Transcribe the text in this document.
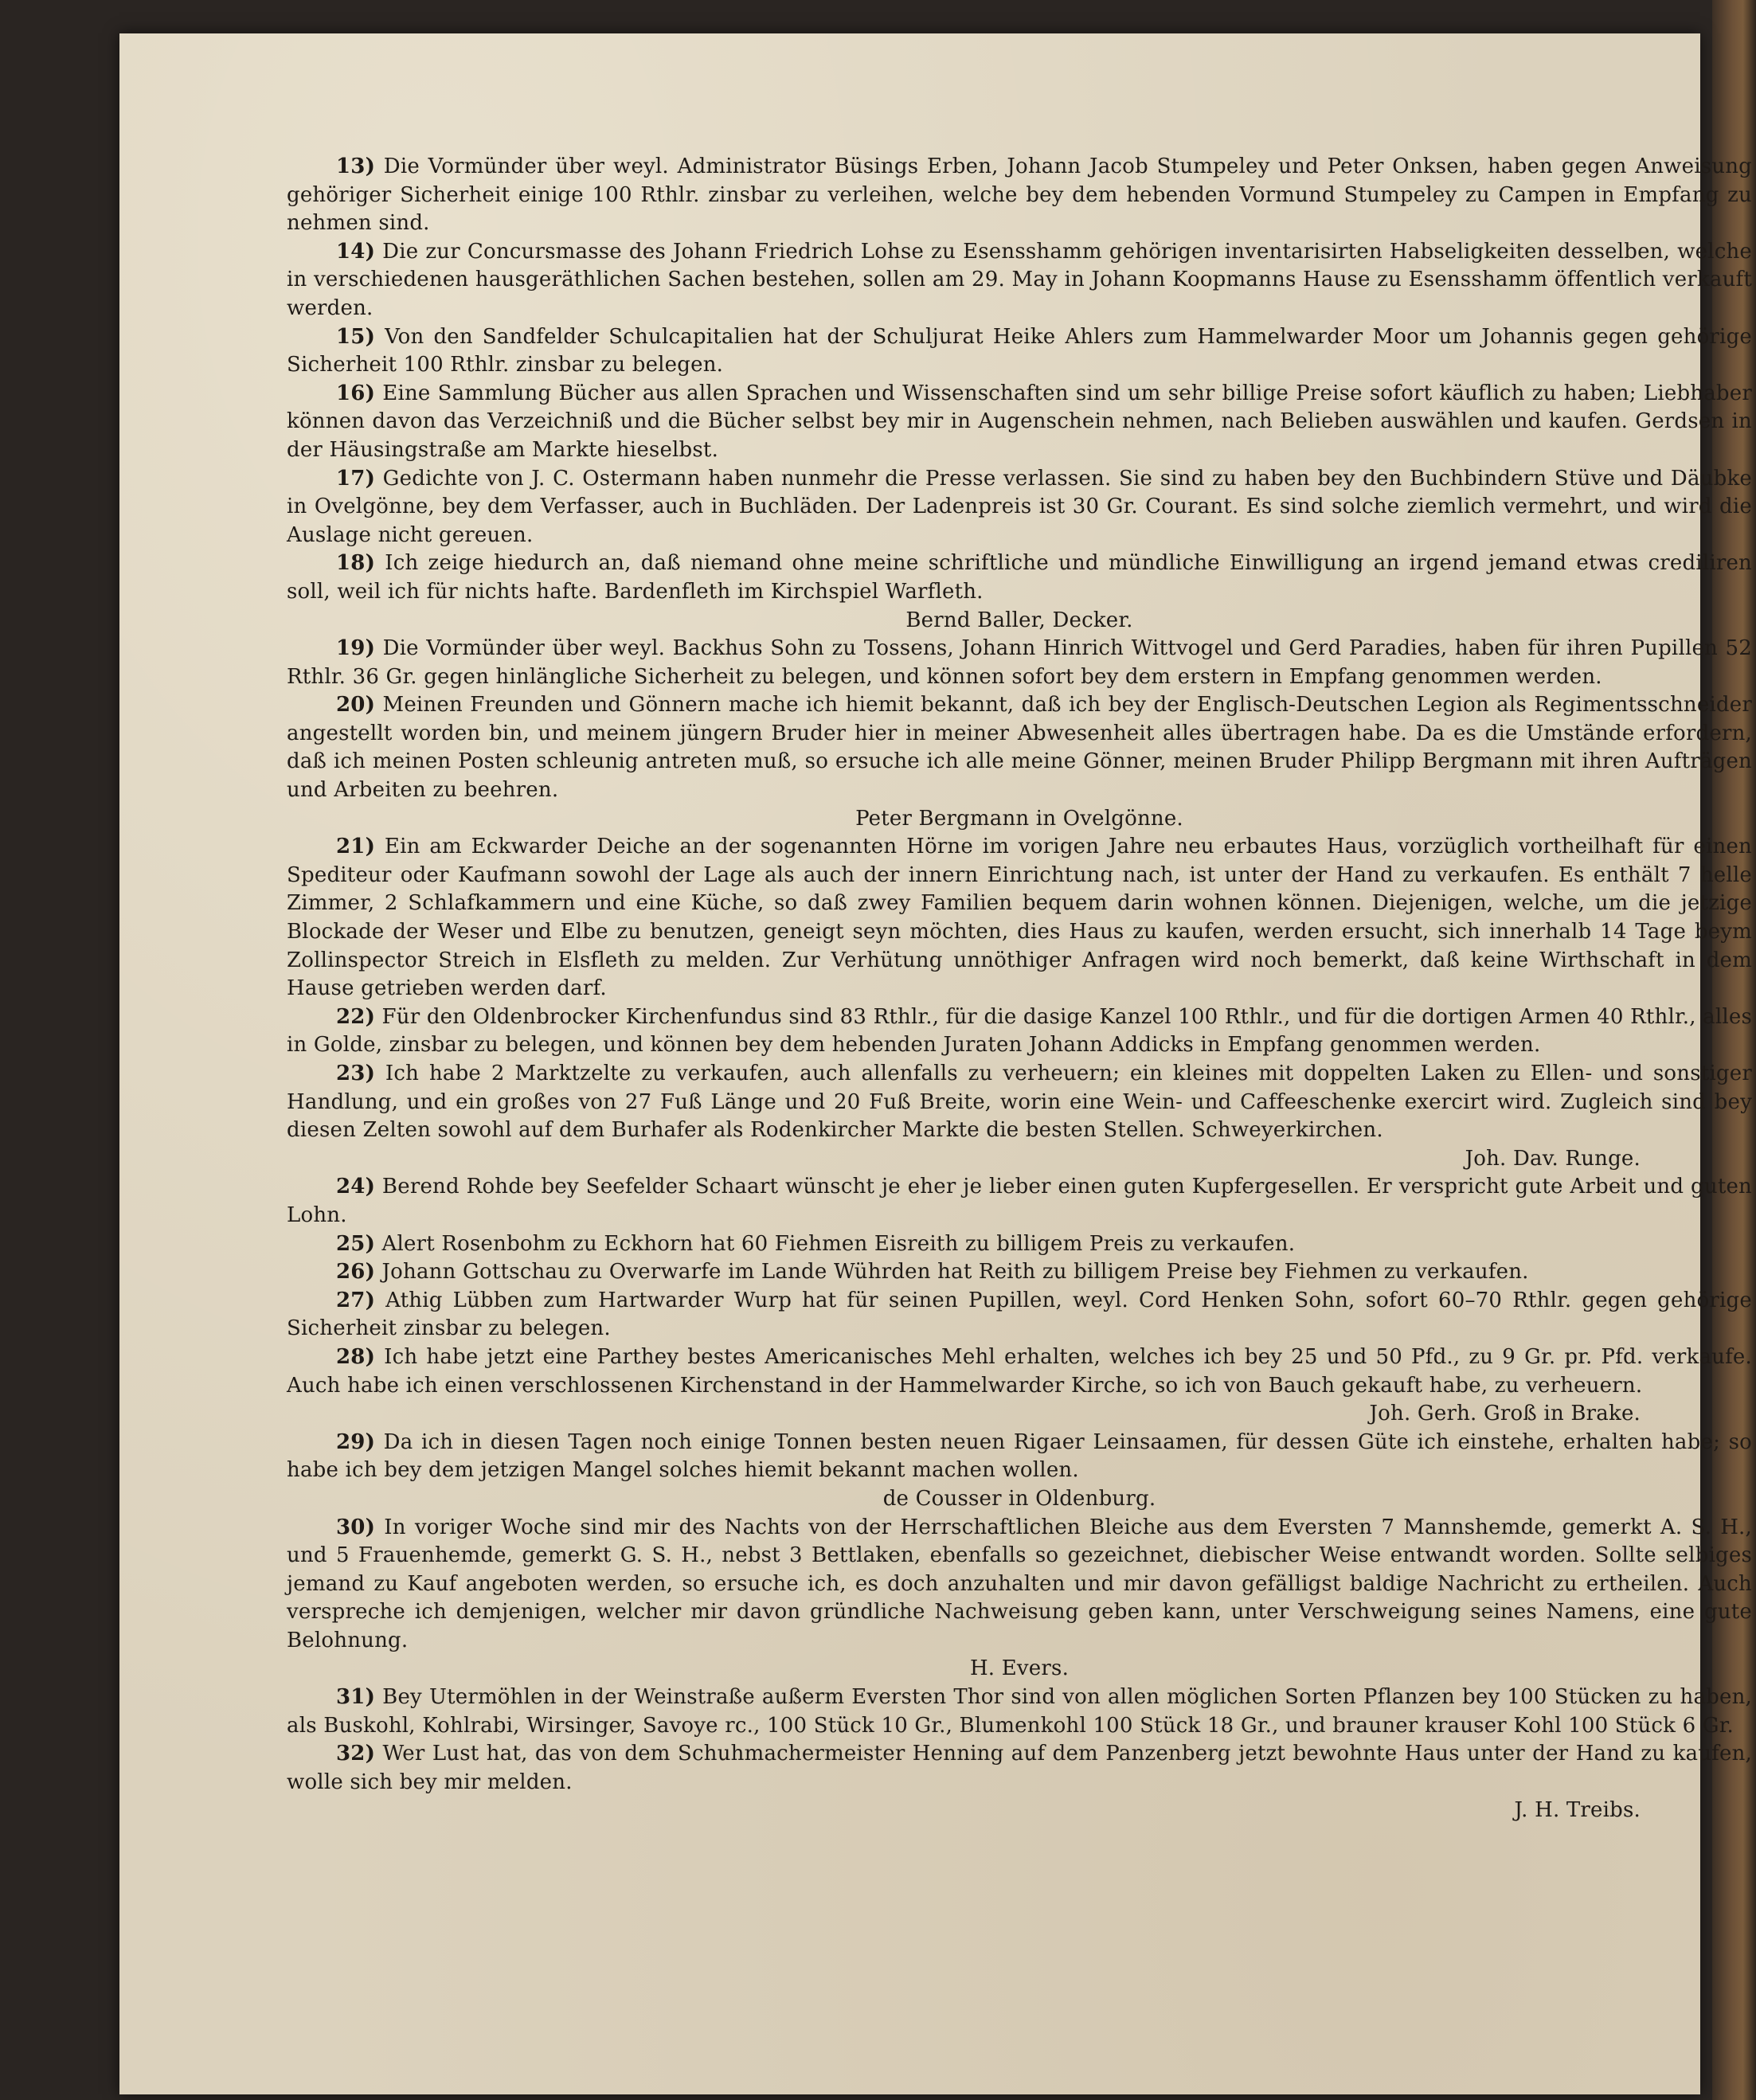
13) Die Vormünder über weyl. Administrator Büsings Erben, Johann Jacob Stumpeley und Peter Onksen, haben gegen Anweisung gehöriger Sicherheit einige 100 Rthlr. zinsbar zu verleihen, welche bey dem hebenden Vormund Stumpeley zu Campen in Empfang zu nehmen sind.

14) Die zur Concursmasse des Johann Friedrich Lohse zu Esensshamm gehörigen inventarisirten Habseligkeiten desselben, welche in verschiedenen hausgeräthlichen Sachen bestehen, sollen am 29. May in Johann Koopmanns Hause zu Esensshamm öffentlich verkauft werden.

15) Von den Sandfelder Schulcapitalien hat der Schuljurat Heike Ahlers zum Hammelwarder Moor um Johannis gegen gehörige Sicherheit 100 Rthlr. zinsbar zu belegen.

16) Eine Sammlung Bücher aus allen Sprachen und Wissenschaften sind um sehr billige Preise sofort käuflich zu haben; Liebhaber können davon das Verzeichniß und die Bücher selbst bey mir in Augenschein nehmen, nach Belieben auswählen und kaufen. Gerdsen in der Häusingstraße am Markte hieselbst.

17) Gedichte von J. C. Ostermann haben nunmehr die Presse verlassen. Sie sind zu haben bey den Buchbindern Stüve und Däubke in Ovelgönne, bey dem Verfasser, auch in Buchläden. Der Ladenpreis ist 30 Gr. Courant. Es sind solche ziemlich vermehrt, und wird die Auslage nicht gereuen.

18) Ich zeige hiedurch an, daß niemand ohne meine schriftliche und mündliche Einwilligung an irgend jemand etwas crediliren soll, weil ich für nichts hafte. Bardenfleth im Kirchspiel Warfleth.

Bernd Baller, Decker.

19) Die Vormünder über weyl. Backhus Sohn zu Tossens, Johann Hinrich Wittvogel und Gerd Paradies, haben für ihren Pupillen 52 Rthlr. 36 Gr. gegen hinlängliche Sicherheit zu belegen, und können sofort bey dem erstern in Empfang genommen werden.

20) Meinen Freunden und Gönnern mache ich hiemit bekannt, daß ich bey der Englisch-Deutschen Legion als Regimentsschneider angestellt worden bin, und meinem jüngern Bruder hier in meiner Abwesenheit alles übertragen habe. Da es die Umstände erfordern, daß ich meinen Posten schleunig antreten muß, so ersuche ich alle meine Gönner, meinen Bruder Philipp Bergmann mit ihren Aufträgen und Arbeiten zu beehren.

Peter Bergmann in Ovelgönne.

21) Ein am Eckwarder Deiche an der sogenannten Hörne im vorigen Jahre neu erbautes Haus, vorzüglich vortheilhaft für einen Spediteur oder Kaufmann sowohl der Lage als auch der innern Einrichtung nach, ist unter der Hand zu verkaufen. Es enthält 7 helle Zimmer, 2 Schlafkammern und eine Küche, so daß zwey Familien bequem darin wohnen können. Diejenigen, welche, um die jetzige Blockade der Weser und Elbe zu benutzen, geneigt seyn möchten, dies Haus zu kaufen, werden ersucht, sich innerhalb 14 Tage beym Zollinspector Streich in Elsfleth zu melden. Zur Verhütung unnöthiger Anfragen wird noch bemerkt, daß keine Wirthschaft in dem Hause getrieben werden darf.

22) Für den Oldenbrocker Kirchenfundus sind 83 Rthlr., für die dasige Kanzel 100 Rthlr., und für die dortigen Armen 40 Rthlr., alles in Golde, zinsbar zu belegen, und können bey dem hebenden Juraten Johann Addicks in Empfang genommen werden.

23) Ich habe 2 Marktzelte zu verkaufen, auch allenfalls zu verheuern; ein kleines mit doppelten Laken zu Ellen- und sonstiger Handlung, und ein großes von 27 Fuß Länge und 20 Fuß Breite, worin eine Wein- und Caffeeschenke exercirt wird. Zugleich sind bey diesen Zelten sowohl auf dem Burhafer als Rodenkircher Markte die besten Stellen. Schweyerkirchen.

Joh. Dav. Runge.

24) Berend Rohde bey Seefelder Schaart wünscht je eher je lieber einen guten Kupfergesellen. Er verspricht gute Arbeit und guten Lohn.

25) Alert Rosenbohm zu Eckhorn hat 60 Fiehmen Eisreith zu billigem Preis zu verkaufen.

26) Johann Gottschau zu Overwarfe im Lande Wührden hat Reith zu billigem Preise bey Fiehmen zu verkaufen.

27) Athig Lübben zum Hartwarder Wurp hat für seinen Pupillen, weyl. Cord Henken Sohn, sofort 60–70 Rthlr. gegen gehörige Sicherheit zinsbar zu belegen.

28) Ich habe jetzt eine Parthey bestes Americanisches Mehl erhalten, welches ich bey 25 und 50 Pfd., zu 9 Gr. pr. Pfd. verkaufe. Auch habe ich einen verschlossenen Kirchenstand in der Hammelwarder Kirche, so ich von Bauch gekauft habe, zu verheuern.

Joh. Gerh. Groß in Brake.

29) Da ich in diesen Tagen noch einige Tonnen besten neuen Rigaer Leinsaamen, für dessen Güte ich einstehe, erhalten habe; so habe ich bey dem jetzigen Mangel solches hiemit bekannt machen wollen.

de Cousser in Oldenburg.

30) In voriger Woche sind mir des Nachts von der Herrschaftlichen Bleiche aus dem Eversten 7 Mannshemde, gemerkt A. S. H., und 5 Frauenhemde, gemerkt G. S. H., nebst 3 Bettlaken, ebenfalls so gezeichnet, diebischer Weise entwandt worden. Sollte selbiges jemand zu Kauf angeboten werden, so ersuche ich, es doch anzuhalten und mir davon gefälligst baldige Nachricht zu ertheilen. Auch verspreche ich demjenigen, welcher mir davon gründliche Nachweisung geben kann, unter Verschweigung seines Namens, eine gute Belohnung.

H. Evers.

31) Bey Utermöhlen in der Weinstraße außerm Eversten Thor sind von allen möglichen Sorten Pflanzen bey 100 Stücken zu haben, als Buskohl, Kohlrabi, Wirsinger, Savoye rc., 100 Stück 10 Gr., Blumenkohl 100 Stück 18 Gr., und brauner krauser Kohl 100 Stück 6 Gr.

32) Wer Lust hat, das von dem Schuhmachermeister Henning auf dem Panzenberg jetzt bewohnte Haus unter der Hand zu kaufen, wolle sich bey mir melden.

J. H. Treibs.
